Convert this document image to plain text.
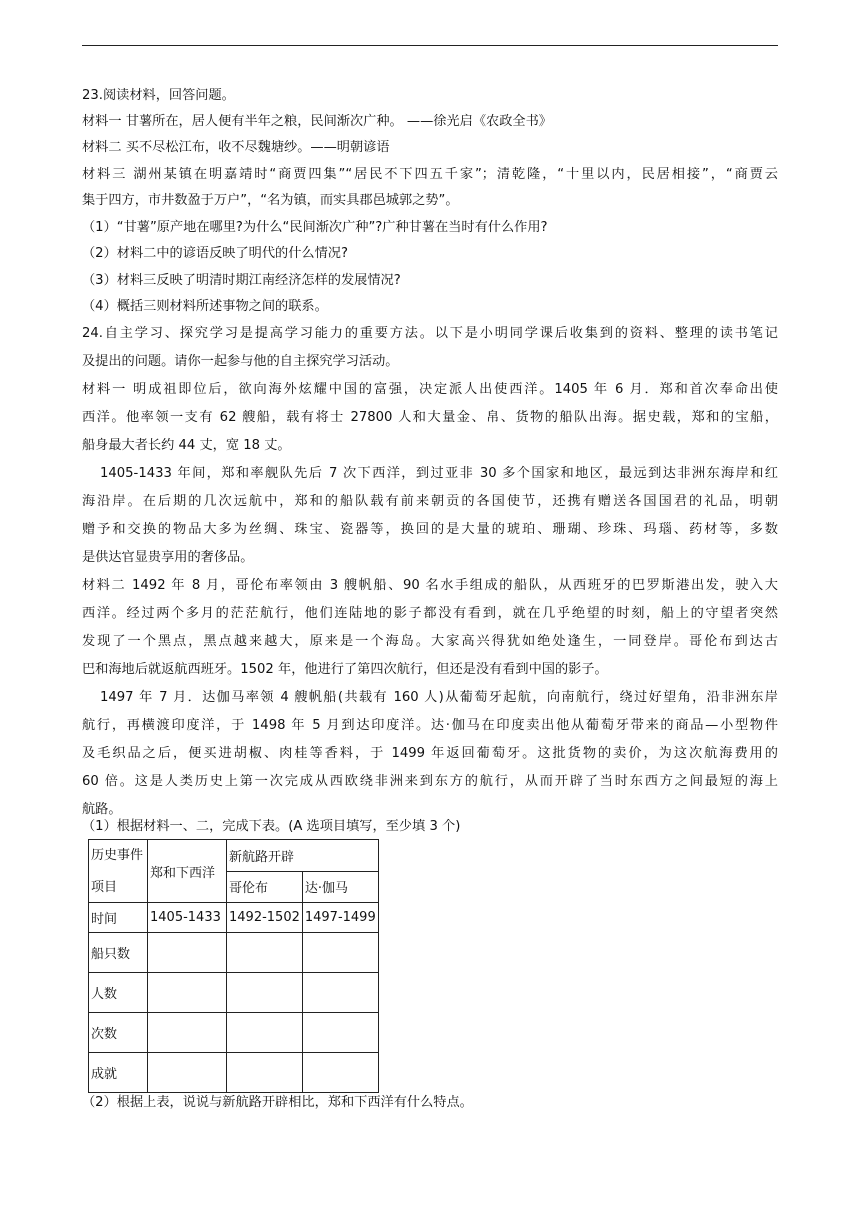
23.阅读材料，回答问题。
材料一 甘薯所在，居人便有半年之粮，民间渐次广种。 ——徐光启《农政全书》
材料二 买不尽松江布，收不尽魏塘纱。——明朝谚语
材料三 湖州某镇在明嘉靖时“商贾四集”“居民不下四五千家”；清乾隆，“十里以内，民居相接”，“商贾云
集于四方，市井数盈于万户”，“名为镇，而实具郡邑城郭之势”。
（1）“甘薯”原产地在哪里?为什么“民间渐次广种”?广种甘薯在当时有什么作用?
（2）材料二中的谚语反映了明代的什么情况?
（3）材料三反映了明清时期江南经济怎样的发展情况?
（4）概括三则材料所述事物之间的联系。
24.自主学习、探究学习是提高学习能力的重要方法。以下是小明同学课后收集到的资料、整理的读书笔记
及提出的问题。请你一起参与他的自主探究学习活动。
材料一 明成祖即位后，欲向海外炫耀中国的富强，决定派人出使西洋。1405 年 6 月．郑和首次奉命出使
西洋。他率领一支有 62 艘船，载有将士 27800 人和大量金、帛、货物的船队出海。据史载，郑和的宝船，
船身最大者长约 44 丈，宽 18 丈。
1405-1433 年间，郑和率舰队先后 7 次下西洋，到过亚非 30 多个国家和地区，最远到达非洲东海岸和红
海沿岸。在后期的几次远航中，郑和的船队载有前来朝贡的各国使节，还携有赠送各国国君的礼品，明朝
赠予和交换的物品大多为丝绸、珠宝、瓷器等，换回的是大量的琥珀、珊瑚、珍珠、玛瑙、药材等，多数
是供达官显贵享用的奢侈品。
材料二 1492 年 8 月，哥伦布率领由 3 艘帆船、90 名水手组成的船队，从西班牙的巴罗斯港出发，驶入大
西洋。经过两个多月的茫茫航行，他们连陆地的影子都没有看到，就在几乎绝望的时刻，船上的守望者突然
发现了一个黑点，黑点越来越大，原来是一个海岛。大家高兴得犹如绝处逢生，一同登岸。哥伦布到达古
巴和海地后就返航西班牙。1502 年，他进行了第四次航行，但还是没有看到中国的影子。
1497 年 7 月．达伽马率领 4 艘帆船(共载有 160 人)从葡萄牙起航，向南航行，绕过好望角，沿非洲东岸
航行，再横渡印度洋，于 1498 年 5 月到达印度洋。达·伽马在印度卖出他从葡萄牙带来的商品—小型物件
及毛织品之后，便买进胡椒、肉桂等香料，于 1499 年返回葡萄牙。这批货物的卖价，为这次航海费用的
60 倍。这是人类历史上第一次完成从西欧绕非洲来到东方的航行，从而开辟了当时东西方之间最短的海上
航路。
（1）根据材料一、二，完成下表。(A 选项目填写，至少填 3 个)
历史事件
项目	郑和下西洋	新航路开辟	
		哥伦布	达·伽马
时间	1405-1433	1492-1502	1497-1499
船只数			
人数			
次数			
成就			
（2）根据上表，说说与新航路开辟相比，郑和下西洋有什么特点。
